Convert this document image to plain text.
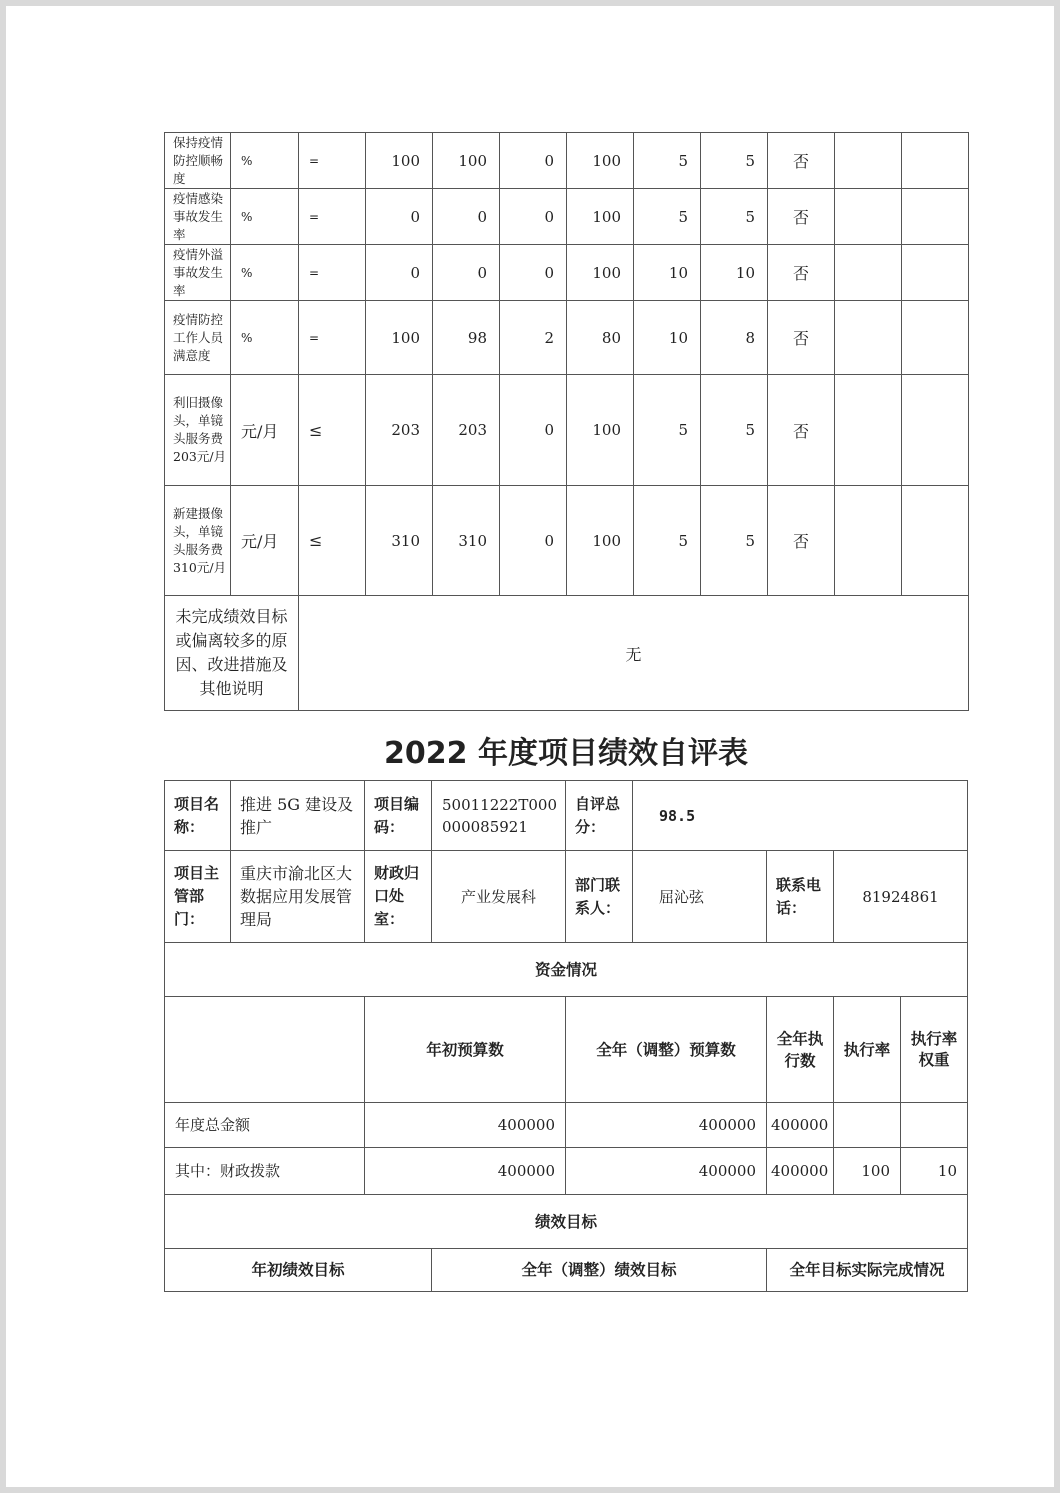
保持疫情防控顺畅度	%	=	100	100	0	100	5	5	否		
疫情感染事故发生率	%	=	0	0	0	100	5	5	否		
疫情外溢事故发生率	%	=	0	0	0	100	10	10	否		
疫情防控工作人员满意度	%	=	100	98	2	80	10	8	否		
利旧摄像头，单镜头服务费203元/月	元/月	≤	203	203	0	100	5	5	否		
新建摄像头，单镜头服务费310元/月	元/月	≤	310	310	0	100	5	5	否		
未完成绩效目标或偏离较多的原因、改进措施及其他说明		无									
2022 年度项目绩效自评表
项目名称：	推进 5G 建设及推广	项目编码：	50011222T000000085921	自评总分：	98.5				
项目主管部门：	重庆市渝北区大数据应用发展管理局	财政归口处室：	产业发展科	部门联系人：	屈沁弦	联系电话：	81924861		
资金情况									
		年初预算数		全年（调整）预算数		全年执行数	执行率	执行率权重	
年度总金额		400000		400000		400000			
其中：财政拨款		400000		400000		400000	100	10	
绩效目标									
年初绩效目标			全年（调整）绩效目标			全年目标实际完成情况			
